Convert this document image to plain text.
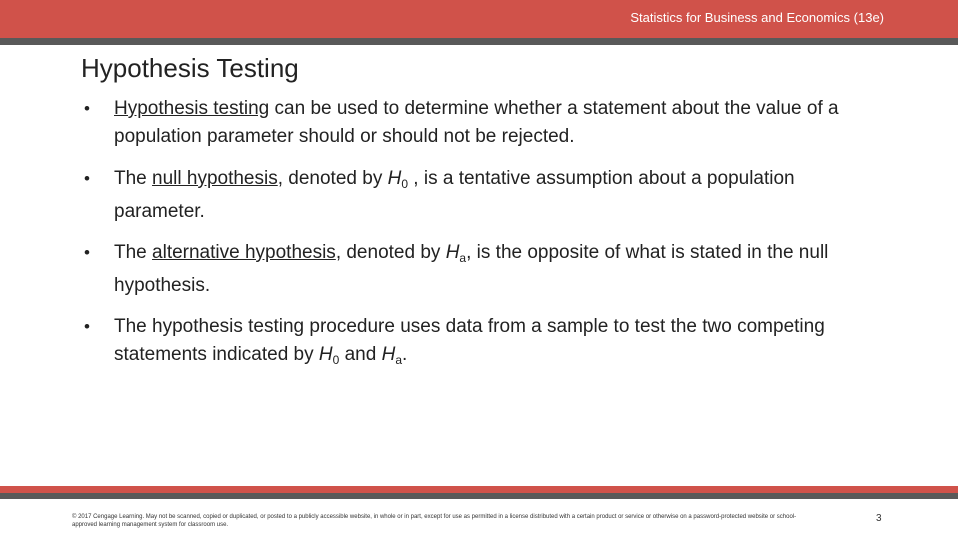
Statistics for Business and Economics (13e)
Hypothesis Testing
• Hypothesis testing can be used to determine whether a statement about the value of a population parameter should or should not be rejected.
• The null hypothesis, denoted by $H_0$ , is a tentative assumption about a population parameter.
• The alternative hypothesis, denoted by $H_a$, is the opposite of what is stated in the null hypothesis.
• The hypothesis testing procedure uses data from a sample to test the two competing statements indicated by $H_0$ and $H_a$.
© 2017 Cengage Learning. May not be scanned, copied or duplicated, or posted to a publicly accessible website, in whole or in part, except for use as permitted in a license distributed with a certain product or service or otherwise on a password-protected website or school-approved learning management system for classroom use.
3
